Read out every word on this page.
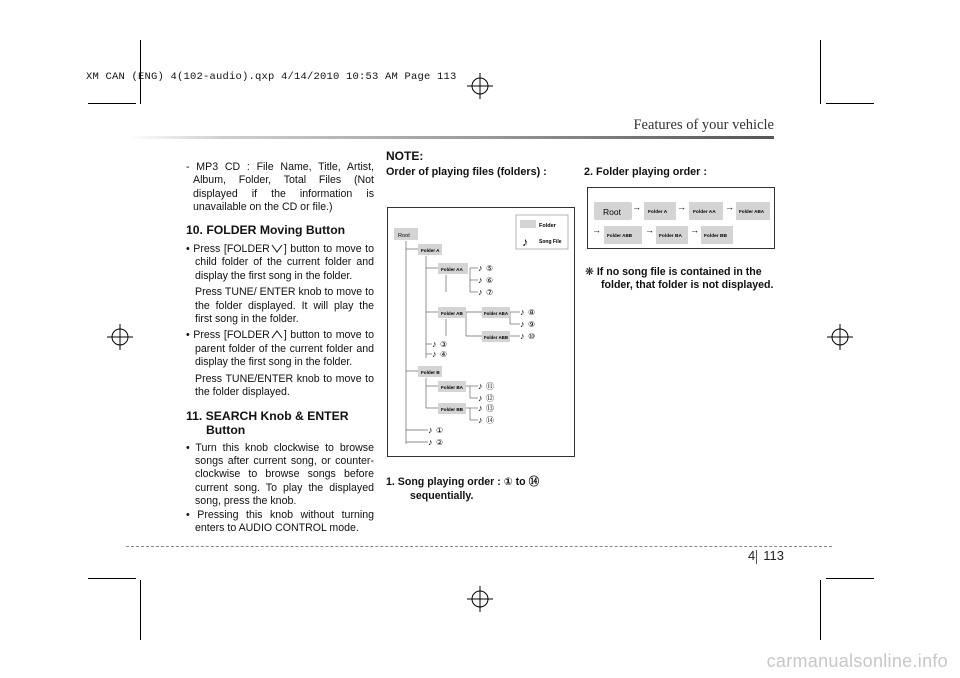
XM CAN (ENG) 4(102-audio).qxp 4/14/2010 10:53 AM Page 113
Features of your vehicle

- MP3 CD : File Name, Title, Artist, Album, Folder, Total Files (Not displayed if the information is unavailable on the CD or file.)

10. FOLDER Moving Button

• Press [FOLDER ] button to move to child folder of the current folder and display the first song in the folder.

Press TUNE/ ENTER knob to move to the folder displayed. It will play the first song in the folder.

• Press [FOLDER ] button to move to parent folder of the current folder and display the first song in the folder.

Press TUNE/ENTER knob to move to the folder displayed.

11. SEARCH Knob & ENTER
Button

• Turn this knob clockwise to browse songs after current song, or counter-clockwise to browse songs before current song. To play the displayed song, press the knob.

• Pressing this knob without turning enters to AUDIO CONTROL mode.

NOTE:
Order of playing files (folders) :
Folder
♪ Song File
Root
Folder A
Folder AA
Folder AB	Folder ABA
Folder ABB
Folder B
Folder BA
Folder BB
♪ ⑤
♪ ⑥
♪ ⑦
♪ ⑧
♪ ⑨
♪ ⑩
♪ ③
♪ ④
♪ ⑪
♪ ⑫
♪ ⑬
♪ ⑭
♪ ①
♪ ②
1. Song playing order : ① to ⑭
sequentially.
2. Folder playing order :
Root →
Folder A
→
Folder AA
→ Folder ABA
→
Folder ABB
→
Folder BA
→
Folder BB
❋ If no song file is contained in the
folder, that folder is not displayed.
4 113
carmanualsonline.info
